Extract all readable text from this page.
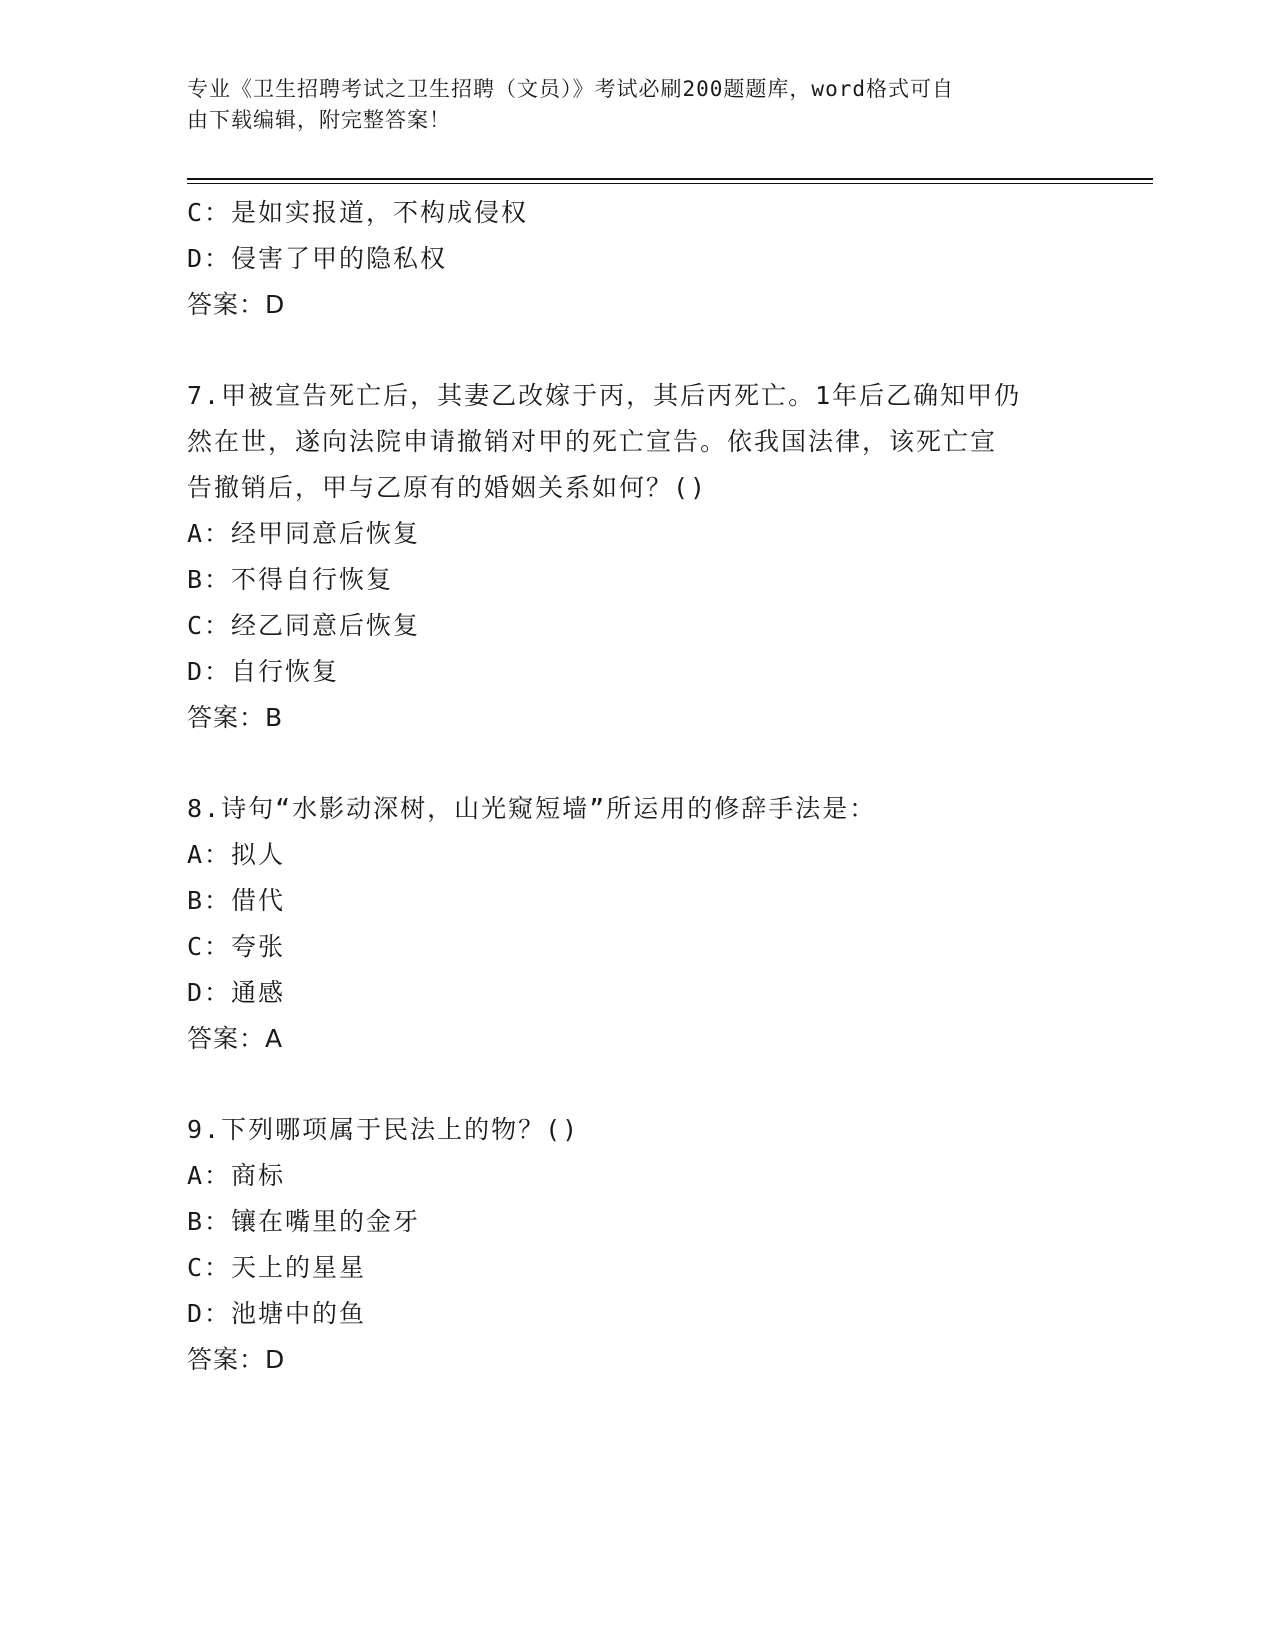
专业《卫生招聘考试之卫生招聘（文员）》考试必刷200题题库，word格式可自
由下载编辑，附完整答案！
C：是如实报道，不构成侵权
D：侵害了甲的隐私权
答案：D
7.甲被宣告死亡后，其妻乙改嫁于丙，其后丙死亡。1年后乙确知甲仍
然在世，遂向法院申请撤销对甲的死亡宣告。依我国法律，该死亡宣
告撤销后，甲与乙原有的婚姻关系如何？()
A：经甲同意后恢复
B：不得自行恢复
C：经乙同意后恢复
D：自行恢复
答案：B
8.诗句“水影动深树，山光窥短墙”所运用的修辞手法是：
A：拟人
B：借代
C：夸张
D：通感
答案：A
9.下列哪项属于民法上的物？()
A：商标
B：镶在嘴里的金牙
C：天上的星星
D：池塘中的鱼
答案：D
